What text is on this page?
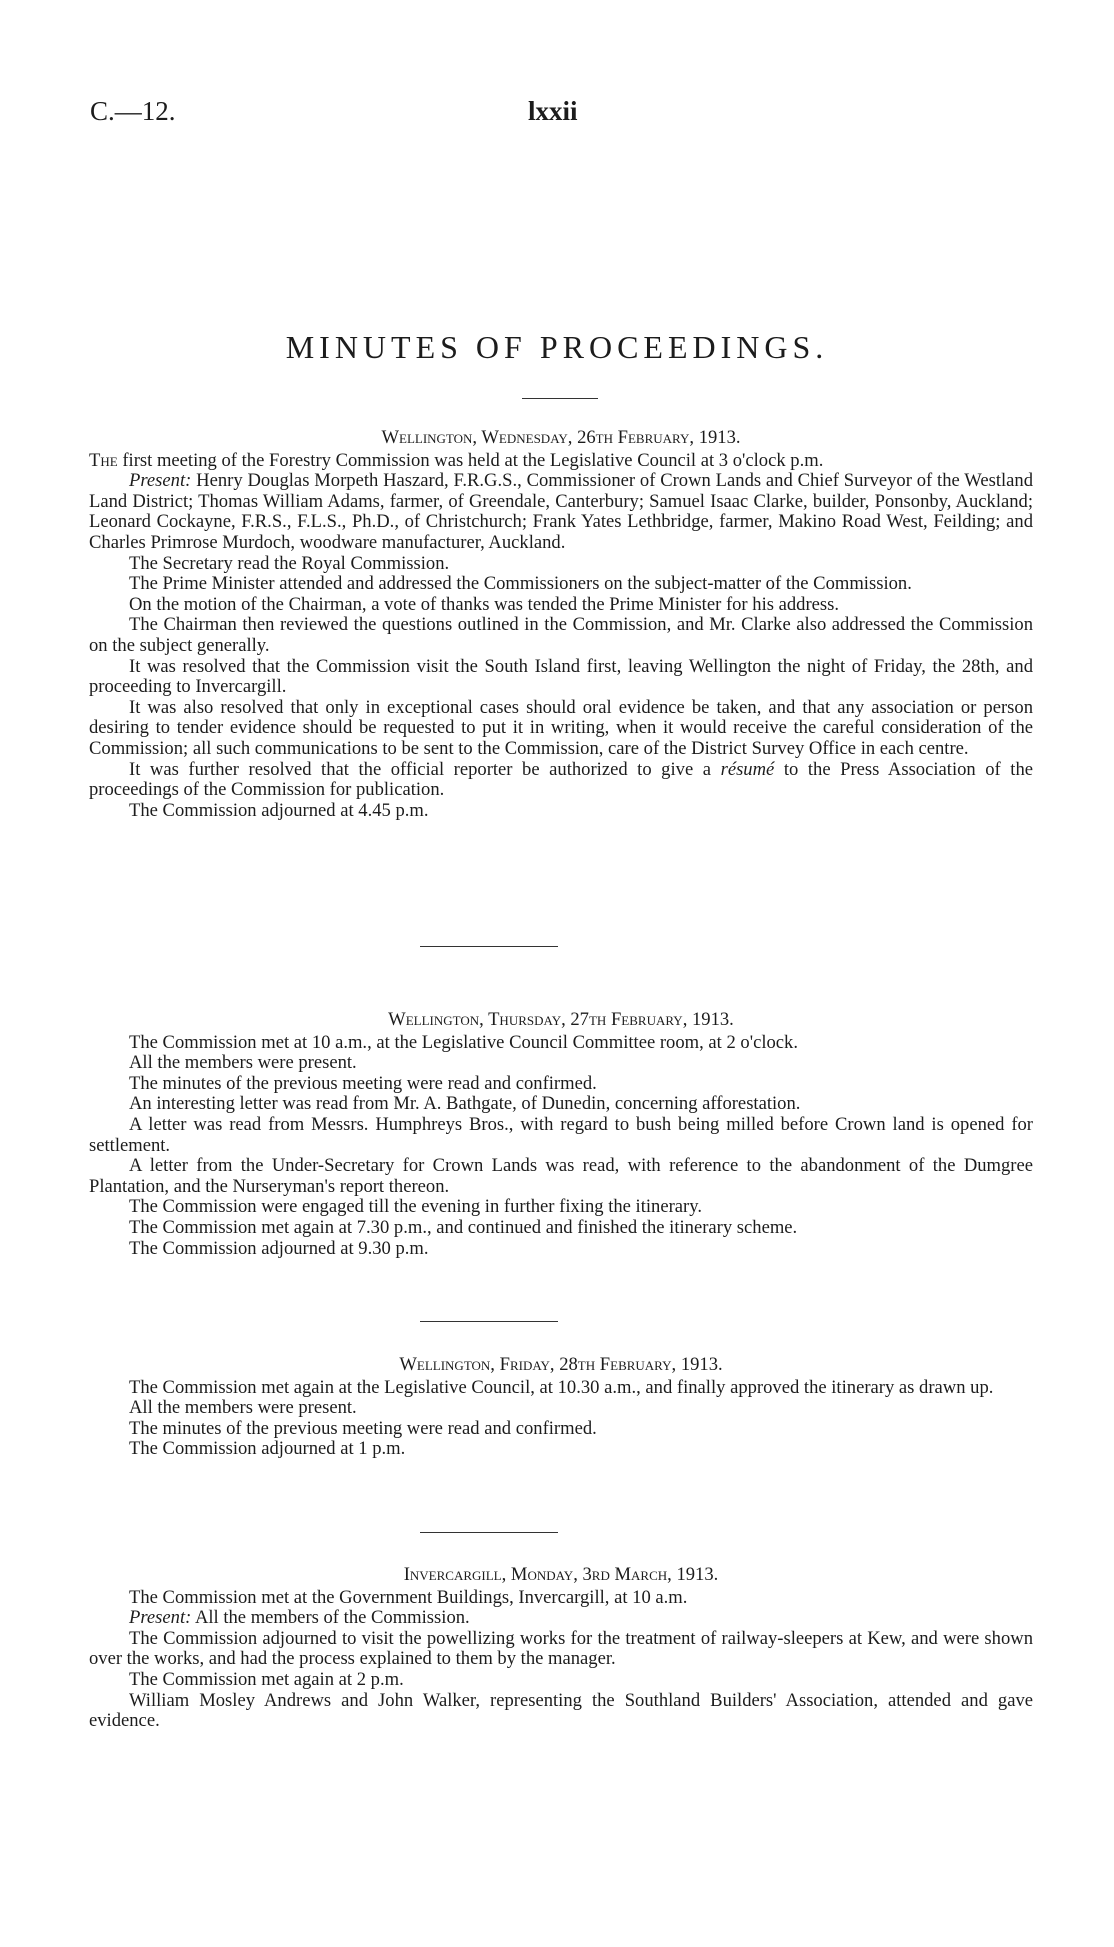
C.—12.	lxxii
MINUTES OF PROCEEDINGS.
Wellington, Wednesday, 26th February, 1913.

The first meeting of the Forestry Commission was held at the Legislative Council at 3 o'clock p.m.

Present: Henry Douglas Morpeth Haszard, F.R.G.S., Commissioner of Crown Lands and Chief Surveyor of the Westland Land District; Thomas William Adams, farmer, of Greendale, Canterbury; Samuel Isaac Clarke, builder, Ponsonby, Auckland; Leonard Cockayne, F.R.S., F.L.S., Ph.D., of Christchurch; Frank Yates Lethbridge, farmer, Makino Road West, Feilding; and Charles Primrose Murdoch, woodware manufacturer, Auckland.

The Secretary read the Royal Commission.

The Prime Minister attended and addressed the Commissioners on the subject-matter of the Commission.

On the motion of the Chairman, a vote of thanks was tended the Prime Minister for his address.

The Chairman then reviewed the questions outlined in the Commission, and Mr. Clarke also addressed the Commission on the subject generally.

It was resolved that the Commission visit the South Island first, leaving Wellington the night of Friday, the 28th, and proceeding to Invercargill.

It was also resolved that only in exceptional cases should oral evidence be taken, and that any association or person desiring to tender evidence should be requested to put it in writing, when it would receive the careful consideration of the Commission; all such communications to be sent to the Commission, care of the District Survey Office in each centre.

It was further resolved that the official reporter be authorized to give a résumé to the Press Association of the proceedings of the Commission for publication.

The Commission adjourned at 4.45 p.m.

Wellington, Thursday, 27th February, 1913.

The Commission met at 10 a.m., at the Legislative Council Committee room, at 2 o'clock.

All the members were present.

The minutes of the previous meeting were read and confirmed.

An interesting letter was read from Mr. A. Bathgate, of Dunedin, concerning afforestation.

A letter was read from Messrs. Humphreys Bros., with regard to bush being milled before Crown land is opened for settlement.

A letter from the Under-Secretary for Crown Lands was read, with reference to the abandonment of the Dumgree Plantation, and the Nurseryman's report thereon.

The Commission were engaged till the evening in further fixing the itinerary.

The Commission met again at 7.30 p.m., and continued and finished the itinerary scheme.

The Commission adjourned at 9.30 p.m.

Wellington, Friday, 28th February, 1913.

The Commission met again at the Legislative Council, at 10.30 a.m., and finally approved the itinerary as drawn up.

All the members were present.

The minutes of the previous meeting were read and confirmed.

The Commission adjourned at 1 p.m.

Invercargill, Monday, 3rd March, 1913.

The Commission met at the Government Buildings, Invercargill, at 10 a.m.

Present: All the members of the Commission.

The Commission adjourned to visit the powellizing works for the treatment of railway-sleepers at Kew, and were shown over the works, and had the process explained to them by the manager.

The Commission met again at 2 p.m.

William Mosley Andrews and John Walker, representing the Southland Builders' Association, attended and gave evidence.
